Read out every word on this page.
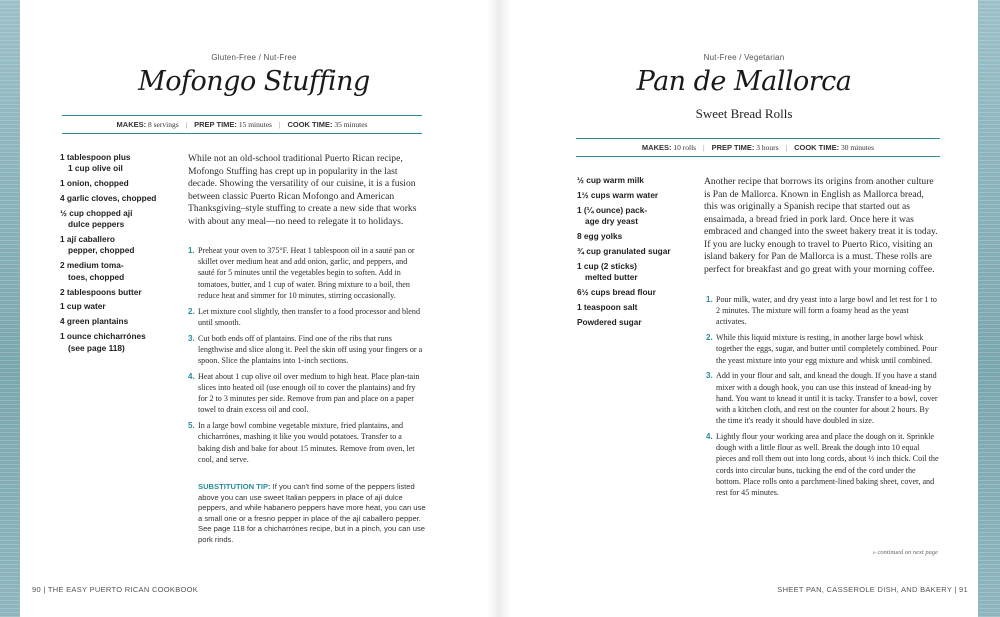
Gluten-Free / Nut-Free
Mofongo Stuffing
MAKES:
8 servings | PREP TIME:
15 minutes | COOK TIME:
35 minutes
1 tablespoon plus
1 cup olive oil
1 onion, chopped
4 garlic cloves, chopped
½ cup chopped ají
dulce peppers
1 ají caballero
pepper, chopped
2 medium toma-
toes, chopped
2 tablespoons butter
1 cup water
4 green plantains
1 ounce chicharrónes
(see page 118)

While not an old-school traditional Puerto Rican recipe, Mofongo Stuffing has crept up in popularity in the last decade. Showing the versatility of our cuisine, it is a fusion between classic Puerto Rican Mofongo and American Thanksgiving–style stuffing to create a new side that works with about any meal—no need to relegate it to holidays.

1. Preheat your oven to 375°F. Heat 1 tablespoon oil in a sauté pan or skillet over medium heat and add onion, garlic, and peppers, and sauté for 5 minutes until the vegetables begin to soften. Add in tomatoes, butter, and 1 cup of water. Bring mixture to a boil, then reduce heat and simmer for 10 minutes, stirring occasionally.
2. Let mixture cool slightly, then transfer to a food processor and blend until smooth.
3. Cut both ends off of plantains. Find one of the ribs that runs lengthwise and slice along it. Peel the skin off using your fingers or a spoon. Slice the plantains into 1-inch sections.
4. Heat about 1 cup olive oil over medium to high heat. Place plan-tain slices into heated oil (use enough oil to cover the plantains) and fry for 2 to 3 minutes per side. Remove from pan and place on a paper towel to drain excess oil and cool.
5. In a large bowl combine vegetable mixture, fried plantains, and chicharrónes, mashing it like you would potatoes. Transfer to a baking dish and bake for about 15 minutes. Remove from oven, let cool, and serve.

SUBSTITUTION TIP: If you can't find some of the peppers listed above you can use sweet Italian peppers in place of ají dulce peppers, and while habanero peppers have more heat, you can use a small one or a fresno pepper in place of the ají caballero pepper. See page 118 for a chicharrónes recipe, but in a pinch, you can use pork rinds.

90 | THE EASY PUERTO RICAN COOKBOOK
Nut-Free / Vegetarian
Pan de Mallorca
Sweet Bread Rolls
MAKES:
10 rolls | PREP TIME:
3 hours | COOK TIME:
30 minutes
½ cup warm milk
1½ cups warm water
1 (¼ ounce) pack-
age dry yeast
8 egg yolks
¾ cup granulated sugar
1 cup (2 sticks)
melted butter
6½ cups bread flour
1 teaspoon salt
Powdered sugar

Another recipe that borrows its origins from another culture is Pan de Mallorca. Known in English as Mallorca bread, this was originally a Spanish recipe that started out as ensaimada, a bread fried in pork lard. Once here it was embraced and changed into the sweet bakery treat it is today. If you are lucky enough to travel to Puerto Rico, visiting an island bakery for Pan de Mallorca is a must. These rolls are perfect for breakfast and go great with your morning coffee.

1. Pour milk, water, and dry yeast into a large bowl and let rest for 1 to 2 minutes. The mixture will form a foamy head as the yeast activates.
2. While this liquid mixture is resting, in another large bowl whisk together the eggs, sugar, and butter until completely combined. Pour the yeast mixture into your egg mixture and whisk until combined.
3. Add in your flour and salt, and knead the dough. If you have a stand mixer with a dough hook, you can use this instead of knead-ing by hand. You want to knead it until it is tacky. Transfer to a bowl, cover with a kitchen cloth, and rest on the counter for about 2 hours. By the time it's ready it should have doubled in size.
4. Lightly flour your working area and place the dough on it. Sprinkle dough with a little flour as well. Break the dough into 10 equal pieces and roll them out into long cords, about ½ inch thick. Coil the cords into circular buns, tucking the end of the cord under the bottom. Place rolls onto a parchment-lined baking sheet, cover, and rest for 45 minutes.
» continued on next page
SHEET PAN, CASSEROLE DISH, AND BAKERY | 91
